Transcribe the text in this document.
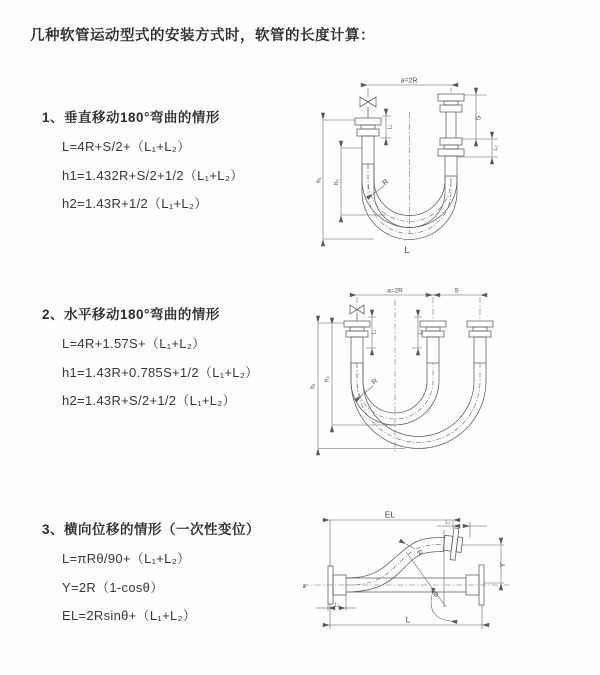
几种软管运动型式的安装方式时，软管的长度计算：
1、垂直移动180°弯曲的情形
L=4R+S/2+（L₁+L₂）
h1=1.432R+S/2+1/2（L₁+L₂）
h2=1.43R+1/2（L₁+L₂）
2、水平移动180°弯曲的情形
L=4R+1.57S+（L₁+L₂）
h1=1.43R+0.785S+1/2（L₁+L₂）
h2=1.43R+S/2+1/2（L₁+L₂）
3、横向位移的情形（一次性变位）
L=πRθ/90+（L₁+L₂）
Y=2R（1-cosθ）
EL=2Rsinθ+（L₁+L₂）
a=2R
S
L₂
L₁
h₁ h₂	R
L
a=2R	S
L₁	L₂
h₁
h₂	R
ƶ
EL
L₂
Y
R
θ
L₁
L
